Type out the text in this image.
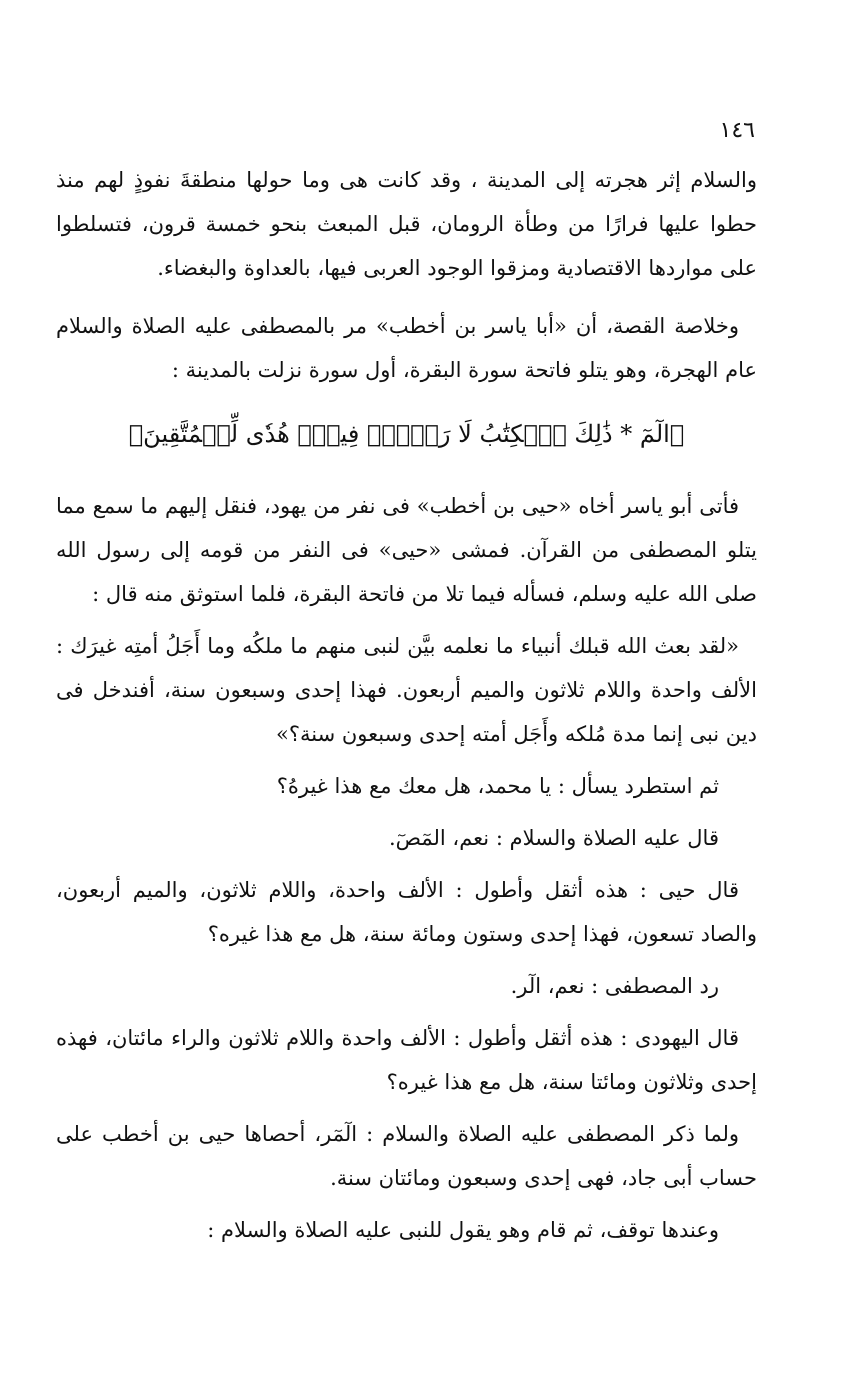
١٤٦

والسلام إثر هجرته إلى المدينة ، وقد كانت هى وما حولها منطقةَ نفوذٍ لهم منذ حطوا عليها فرارًا من وطأة الرومان، قبل المبعث بنحو خمسة قرون، فتسلطوا على مواردها الاقتصادية ومزقوا الوجود العربى فيها، بالعداوة والبغضاء.

وخلاصة القصة، أن «أبا ياسر بن أخطب» مر بالمصطفى عليه الصلاة والسلام عام الهجرة، وهو يتلو فاتحة سورة البقرة، أول سورة نزلت بالمدينة :

﴿الٓمٓ * ذَٰلِكَ ٱلۡكِتَٰبُ لَا رَيۡبَۛ فِيهِۛ هُدٗى لِّلۡمُتَّقِينَ﴾

فأتى أبو ياسر أخاه «حيى بن أخطب» فى نفر من يهود، فنقل إليهم ما سمع مما يتلو المصطفى من القرآن. فمشى «حيى» فى النفر من قومه إلى رسول الله صلى الله عليه وسلم، فسأله فيما تلا من فاتحة البقرة، فلما استوثق منه قال :

«لقد بعث الله قبلك أنبياء ما نعلمه بيَّن لنبى منهم ما ملكُه وما أَجَلُ أمتِه غيرَك : الألف واحدة واللام ثلاثون والميم أربعون. فهذا إحدى وسبعون سنة، أفندخل فى دين نبى إنما مدة مُلكه وأَجَل أمته إحدى وسبعون سنة؟»

ثم استطرد يسأل : يا محمد، هل معك مع هذا غيرهُ؟

قال عليه الصلاة والسلام : نعم، المٓصٓ.

قال حيى : هذه أثقل وأطول : الألف واحدة، واللام ثلاثون، والميم أربعون، والصاد تسعون، فهذا إحدى وستون ومائة سنة، هل مع هذا غيره؟

رد المصطفى : نعم، الٓر.

قال اليهودى : هذه أثقل وأطول : الألف واحدة واللام ثلاثون والراء مائتان، فهذه إحدى وثلاثون ومائتا سنة، هل مع هذا غيره؟

ولما ذكر المصطفى عليه الصلاة والسلام : الٓمٓر، أحصاها حيى بن أخطب على حساب أبى جاد، فهى إحدى وسبعون ومائتان سنة.

وعندها توقف، ثم قام وهو يقول للنبى عليه الصلاة والسلام :
